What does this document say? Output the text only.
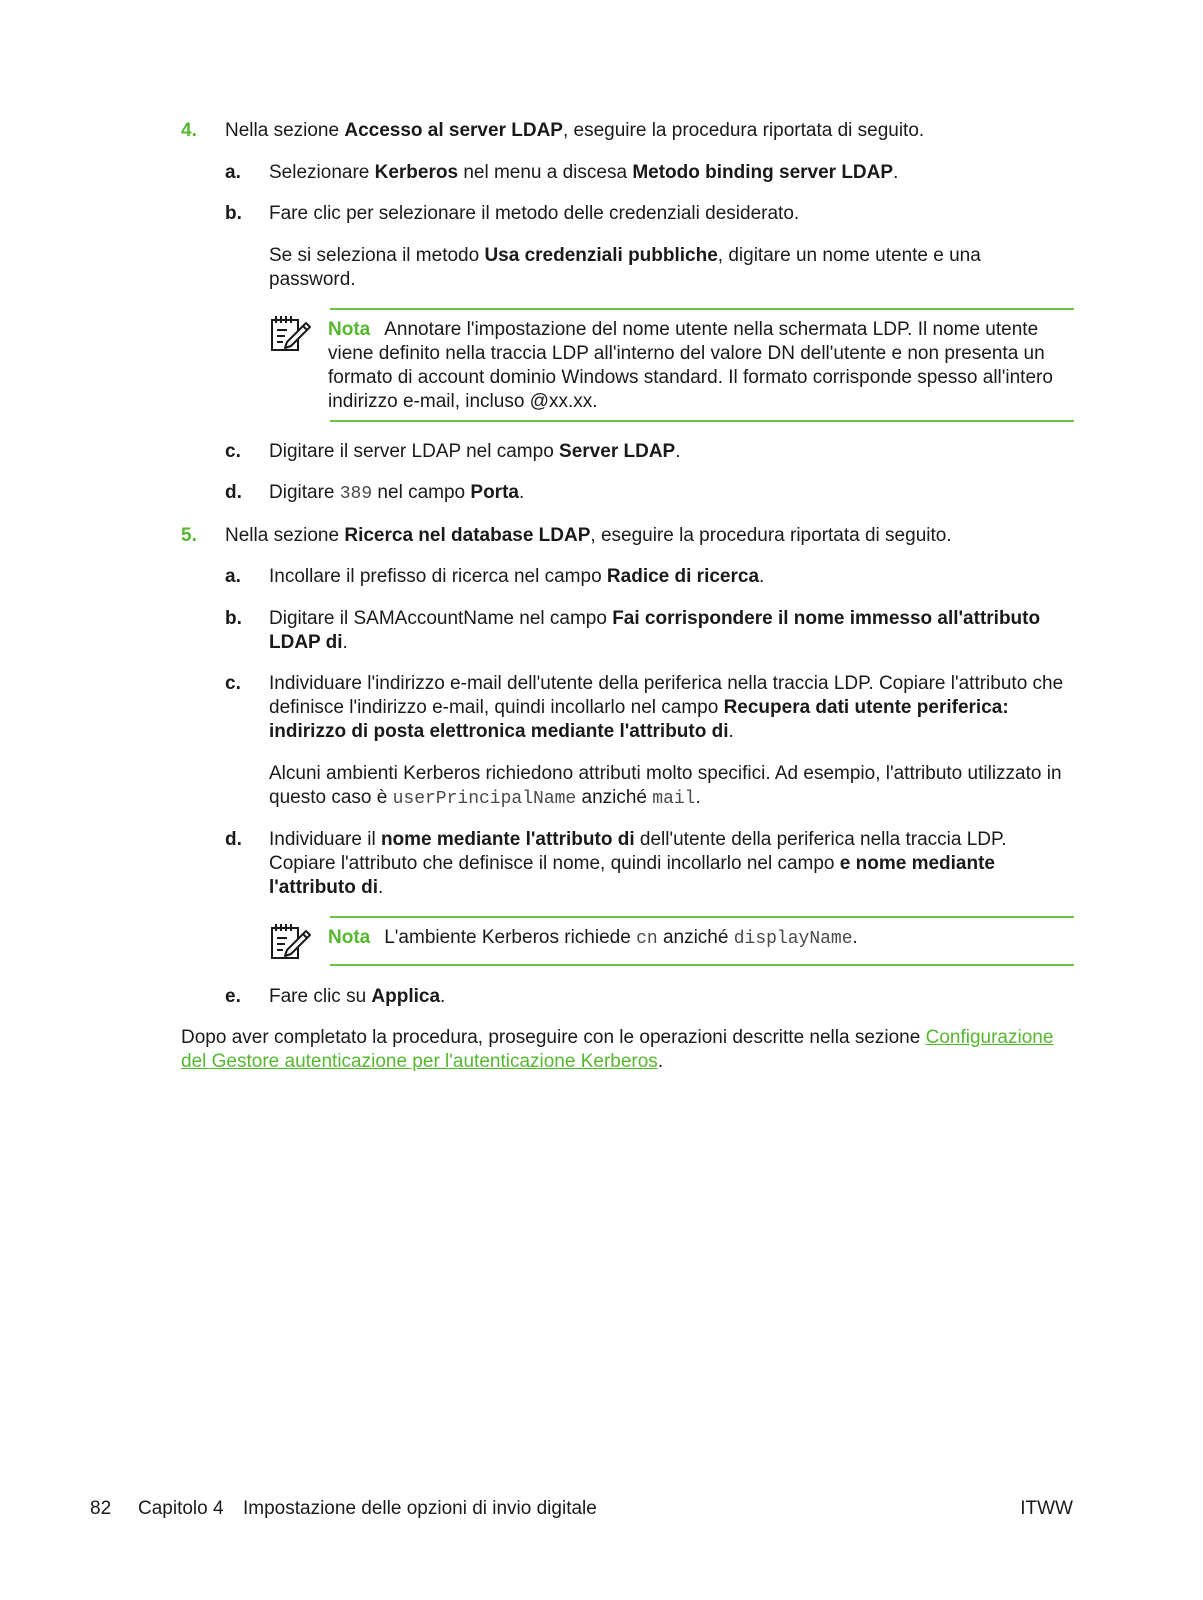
4. Nella sezione Accesso al server LDAP, eseguire la procedura riportata di seguito.
a. Selezionare Kerberos nel menu a discesa Metodo binding server LDAP.
b. Fare clic per selezionare il metodo delle credenziali desiderato.
Se si seleziona il metodo Usa credenziali pubbliche, digitare un nome utente e una password.
Nota Annotare l'impostazione del nome utente nella schermata LDP. Il nome utente viene definito nella traccia LDP all'interno del valore DN dell'utente e non presenta un formato di account dominio Windows standard. Il formato corrisponde spesso all'intero indirizzo e-mail, incluso @xx.xx.
c. Digitare il server LDAP nel campo Server LDAP.
d. Digitare 389 nel campo Porta.
5. Nella sezione Ricerca nel database LDAP, eseguire la procedura riportata di seguito.
a. Incollare il prefisso di ricerca nel campo Radice di ricerca.
b. Digitare il SAMAccountName nel campo Fai corrispondere il nome immesso all'attributo LDAP di.
c. Individuare l'indirizzo e-mail dell'utente della periferica nella traccia LDP. Copiare l'attributo che definisce l'indirizzo e-mail, quindi incollarlo nel campo Recupera dati utente periferica: indirizzo di posta elettronica mediante l'attributo di.
Alcuni ambienti Kerberos richiedono attributi molto specifici. Ad esempio, l'attributo utilizzato in questo caso è userPrincipalName anziché mail.
d. Individuare il nome mediante l'attributo di dell'utente della periferica nella traccia LDP. Copiare l'attributo che definisce il nome, quindi incollarlo nel campo e nome mediante l'attributo di.
Nota L'ambiente Kerberos richiede cn anziché displayName.
e. Fare clic su Applica.
Dopo aver completato la procedura, proseguire con le operazioni descritte nella sezione Configurazione del Gestore autenticazione per l'autenticazione Kerberos.
82 Capitolo 4 Impostazione delle opzioni di invio digitale	ITWW
